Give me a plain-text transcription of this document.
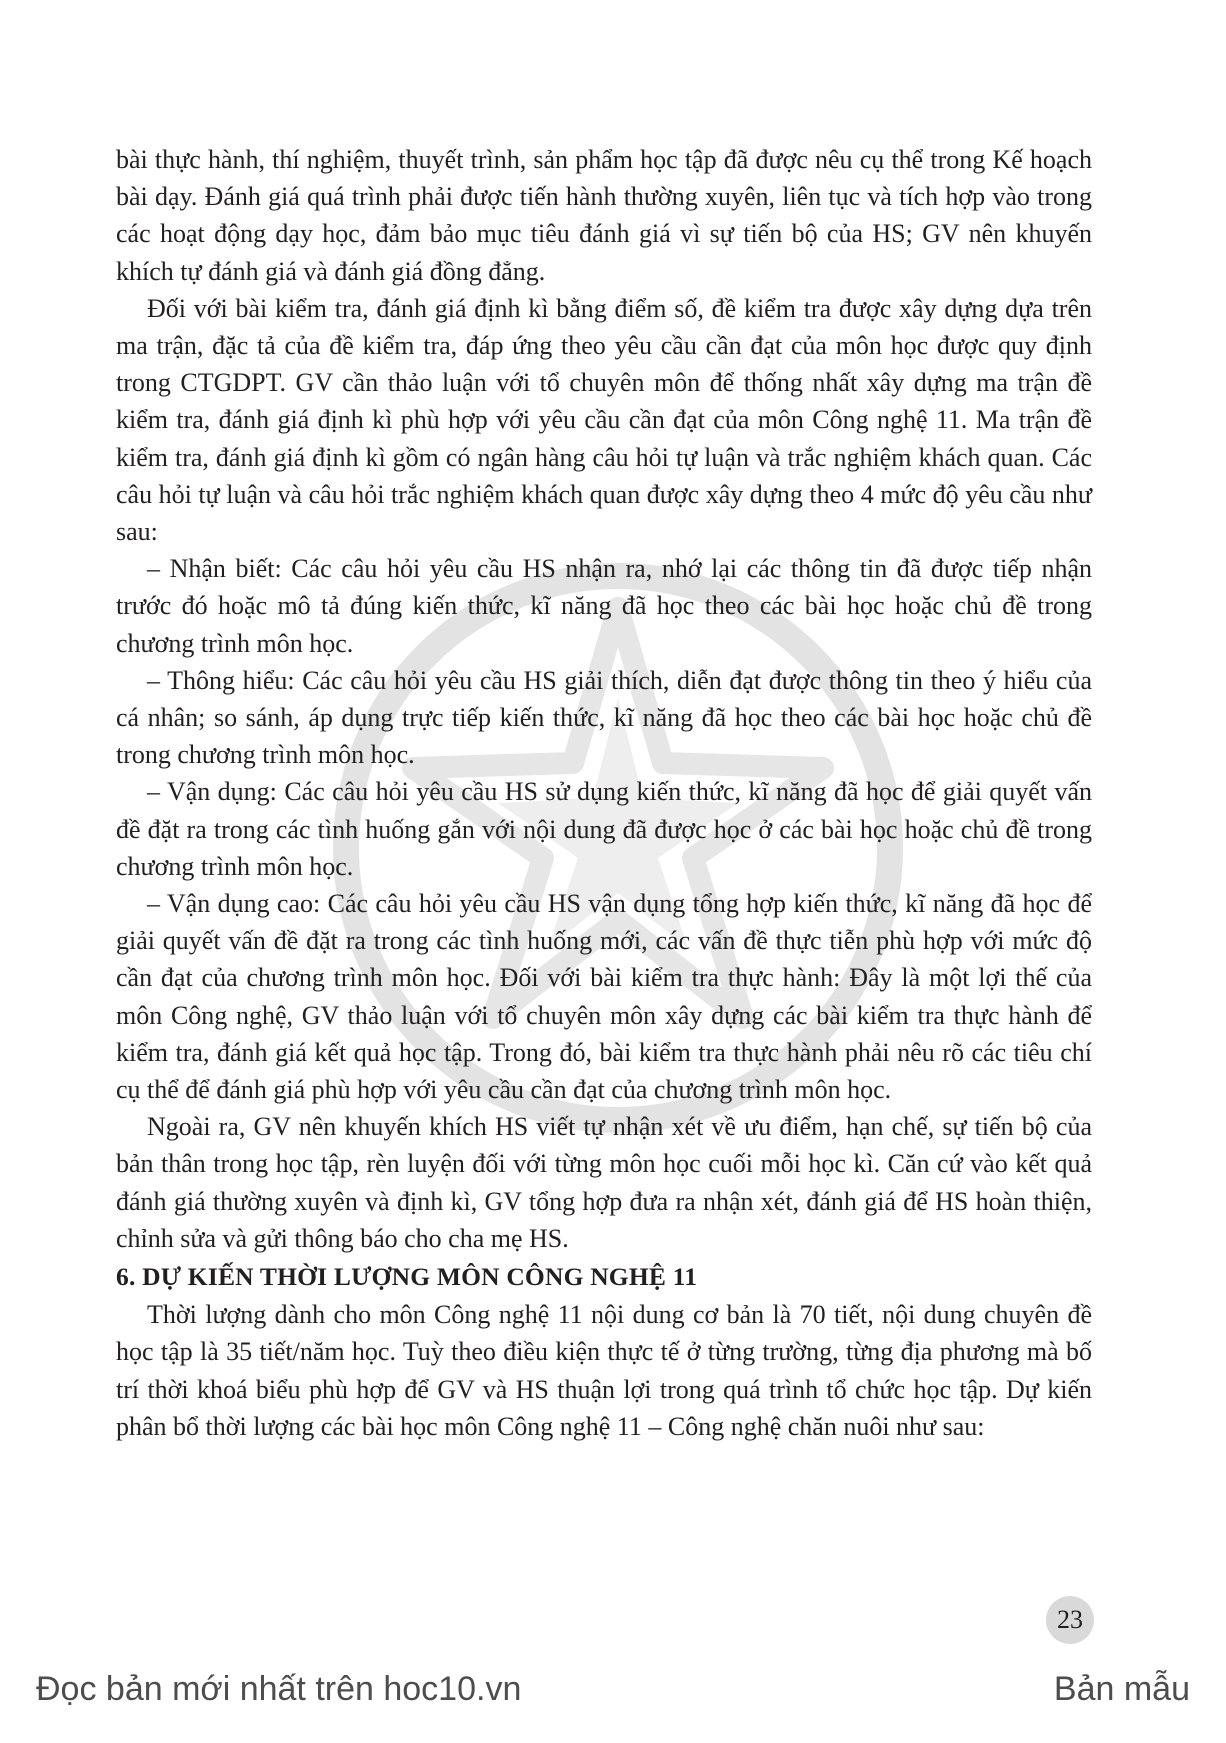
bài thực hành, thí nghiệm, thuyết trình, sản phẩm học tập đã được nêu cụ thể trong Kế hoạch bài dạy. Đánh giá quá trình phải được tiến hành thường xuyên, liên tục và tích hợp vào trong các hoạt động dạy học, đảm bảo mục tiêu đánh giá vì sự tiến bộ của HS; GV nên khuyến khích tự đánh giá và đánh giá đồng đẳng.

Đối với bài kiểm tra, đánh giá định kì bằng điểm số, đề kiểm tra được xây dựng dựa trên ma trận, đặc tả của đề kiểm tra, đáp ứng theo yêu cầu cần đạt của môn học được quy định trong CTGDPT. GV cần thảo luận với tổ chuyên môn để thống nhất xây dựng ma trận đề kiểm tra, đánh giá định kì phù hợp với yêu cầu cần đạt của môn Công nghệ 11. Ma trận đề kiểm tra, đánh giá định kì gồm có ngân hàng câu hỏi tự luận và trắc nghiệm khách quan. Các câu hỏi tự luận và câu hỏi trắc nghiệm khách quan được xây dựng theo 4 mức độ yêu cầu như sau:

– Nhận biết: Các câu hỏi yêu cầu HS nhận ra, nhớ lại các thông tin đã được tiếp nhận trước đó hoặc mô tả đúng kiến thức, kĩ năng đã học theo các bài học hoặc chủ đề trong chương trình môn học.

– Thông hiểu: Các câu hỏi yêu cầu HS giải thích, diễn đạt được thông tin theo ý hiểu của cá nhân; so sánh, áp dụng trực tiếp kiến thức, kĩ năng đã học theo các bài học hoặc chủ đề trong chương trình môn học.

– Vận dụng: Các câu hỏi yêu cầu HS sử dụng kiến thức, kĩ năng đã học để giải quyết vấn đề đặt ra trong các tình huống gắn với nội dung đã được học ở các bài học hoặc chủ đề trong chương trình môn học.

– Vận dụng cao: Các câu hỏi yêu cầu HS vận dụng tổng hợp kiến thức, kĩ năng đã học để giải quyết vấn đề đặt ra trong các tình huống mới, các vấn đề thực tiễn phù hợp với mức độ cần đạt của chương trình môn học. Đối với bài kiểm tra thực hành: Đây là một lợi thế của môn Công nghệ, GV thảo luận với tổ chuyên môn xây dựng các bài kiểm tra thực hành để kiểm tra, đánh giá kết quả học tập. Trong đó, bài kiểm tra thực hành phải nêu rõ các tiêu chí cụ thể để đánh giá phù hợp với yêu cầu cần đạt của chương trình môn học.

Ngoài ra, GV nên khuyến khích HS viết tự nhận xét về ưu điểm, hạn chế, sự tiến bộ của bản thân trong học tập, rèn luyện đối với từng môn học cuối mỗi học kì. Căn cứ vào kết quả đánh giá thường xuyên và định kì, GV tổng hợp đưa ra nhận xét, đánh giá để HS hoàn thiện, chỉnh sửa và gửi thông báo cho cha mẹ HS.

6. DỰ KIẾN THỜI LƯỢNG MÔN CÔNG NGHỆ 11

Thời lượng dành cho môn Công nghệ 11 nội dung cơ bản là 70 tiết, nội dung chuyên đề học tập là 35 tiết/năm học. Tuỳ theo điều kiện thực tế ở từng trường, từng địa phương mà bố trí thời khoá biểu phù hợp để GV và HS thuận lợi trong quá trình tổ chức học tập. Dự kiến phân bổ thời lượng các bài học môn Công nghệ 11 – Công nghệ chăn nuôi như sau:

23
Đọc bản mới nhất trên hoc10.vn	Bản mẫu
